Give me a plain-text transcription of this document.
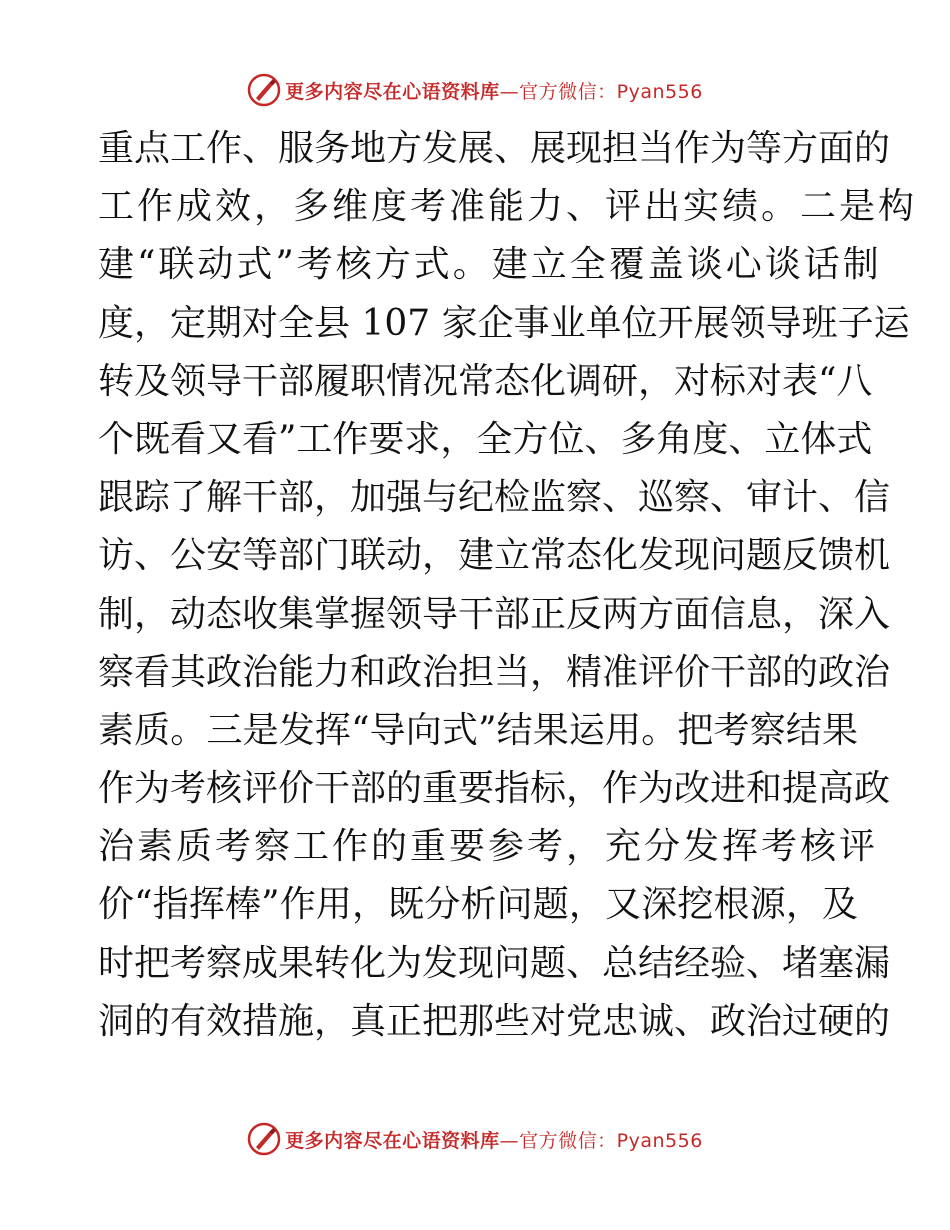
更多内容尽在心语资料库—官方微信：Pyan556
重点工作、服务地方发展、展现担当作为等方面的
工作成效，多维度考准能力、评出实绩。二是构
建“联动式”考核方式。建立全覆盖谈心谈话制
度，定期对全县 107 家企事业单位开展领导班子运
转及领导干部履职情况常态化调研，对标对表“八
个既看又看”工作要求，全方位、多角度、立体式
跟踪了解干部，加强与纪检监察、巡察、审计、信
访、公安等部门联动，建立常态化发现问题反馈机
制，动态收集掌握领导干部正反两方面信息，深入
察看其政治能力和政治担当，精准评价干部的政治
素质。三是发挥“导向式”结果运用。把考察结果
作为考核评价干部的重要指标，作为改进和提高政
治素质考察工作的重要参考，充分发挥考核评
价“指挥棒”作用，既分析问题，又深挖根源，及
时把考察成果转化为发现问题、总结经验、堵塞漏
洞的有效措施，真正把那些对党忠诚、政治过硬的
更多内容尽在心语资料库—官方微信：Pyan556
